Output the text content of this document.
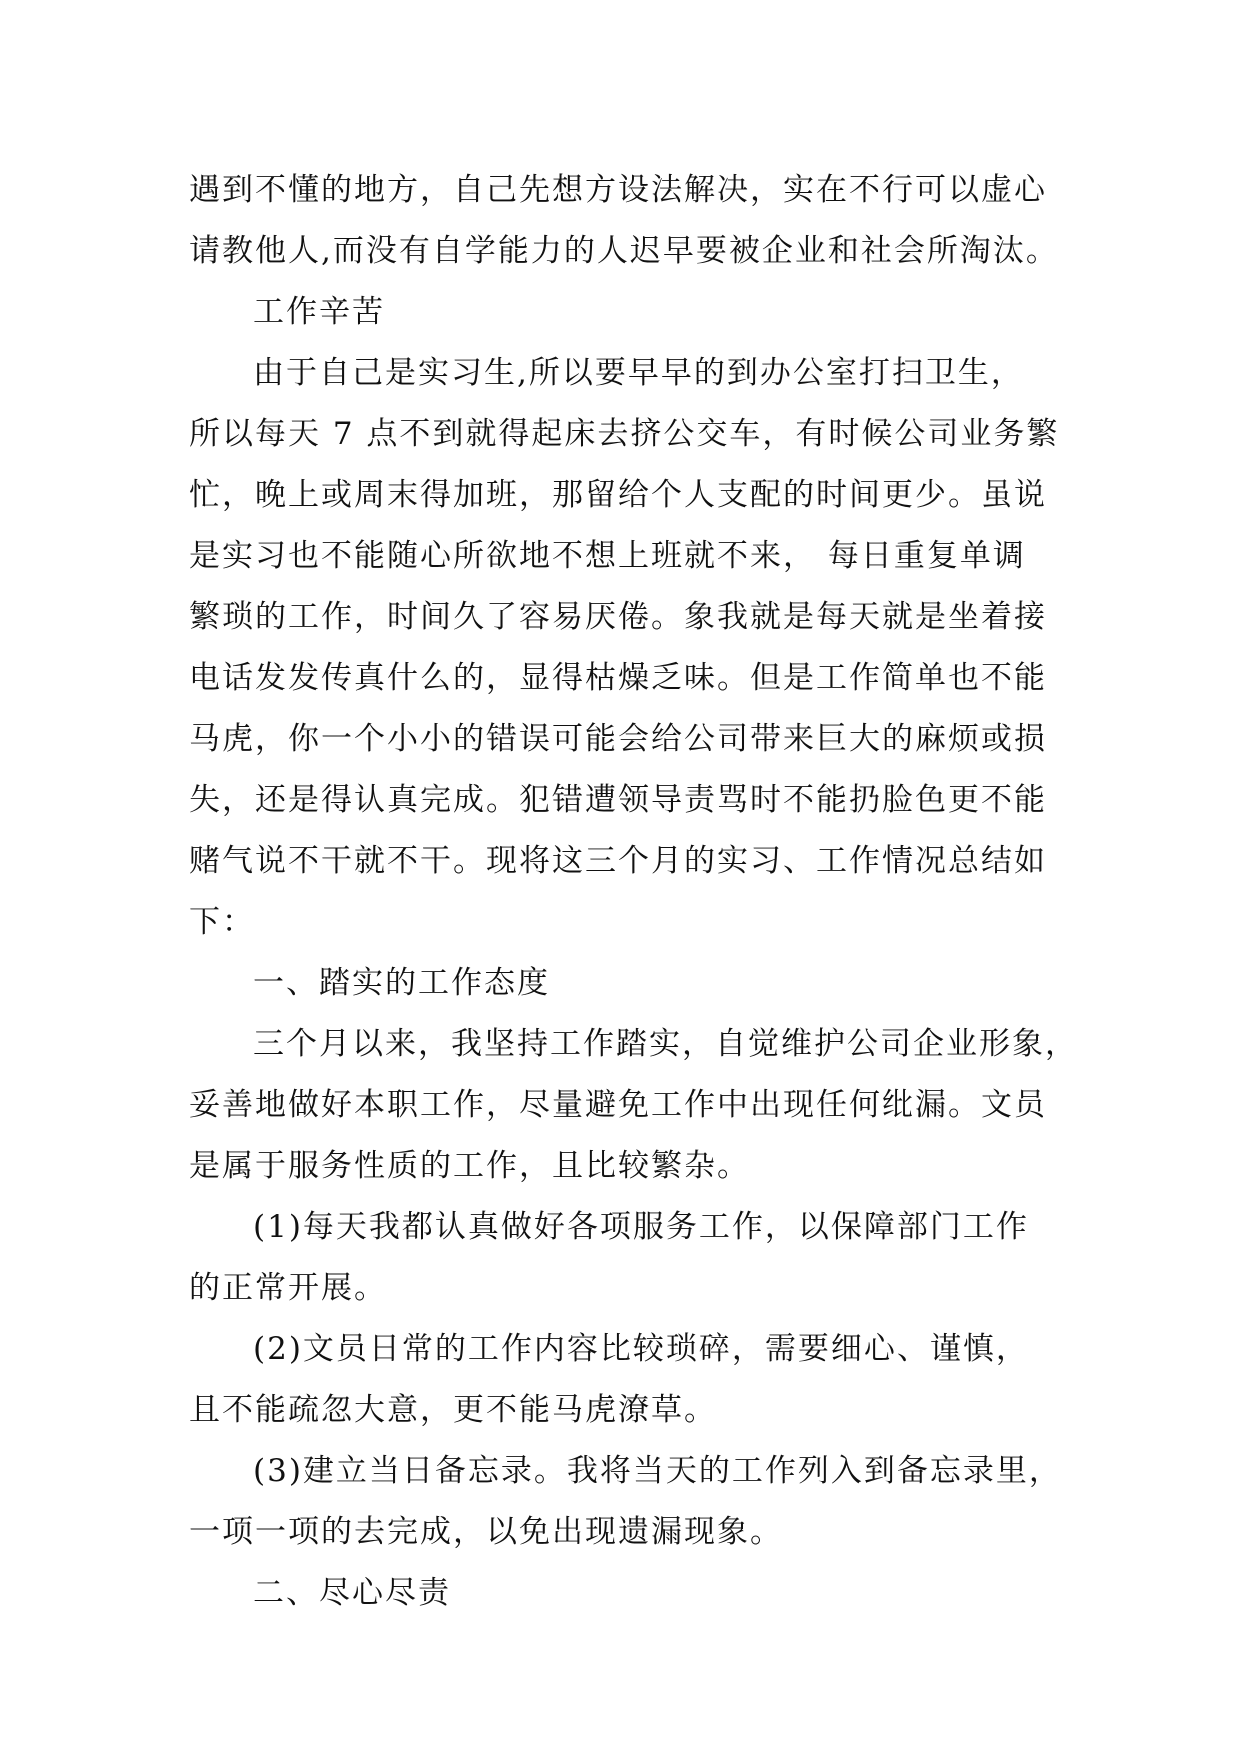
遇到不懂的地方，自己先想方设法解决，实在不行可以虚心
请教他人,而没有自学能力的人迟早要被企业和社会所淘汰。
工作辛苦
由于自己是实习生,所以要早早的到办公室打扫卫生，
所以每天 7 点不到就得起床去挤公交车，有时候公司业务繁
忙，晚上或周末得加班，那留给个人支配的时间更少。虽说
是实习也不能随心所欲地不想上班就不来， 每日重复单调
繁琐的工作，时间久了容易厌倦。象我就是每天就是坐着接
电话发发传真什么的，显得枯燥乏味。但是工作简单也不能
马虎，你一个小小的错误可能会给公司带来巨大的麻烦或损
失，还是得认真完成。犯错遭领导责骂时不能扔脸色更不能
赌气说不干就不干。现将这三个月的实习、工作情况总结如
下：
一、踏实的工作态度
三个月以来，我坚持工作踏实，自觉维护公司企业形象，
妥善地做好本职工作，尽量避免工作中出现任何纰漏。文员
是属于服务性质的工作，且比较繁杂。
(1)每天我都认真做好各项服务工作，以保障部门工作
的正常开展。
(2)文员日常的工作内容比较琐碎，需要细心、谨慎，
且不能疏忽大意，更不能马虎潦草。
(3)建立当日备忘录。我将当天的工作列入到备忘录里，
一项一项的去完成，以免出现遗漏现象。
二、尽心尽责
